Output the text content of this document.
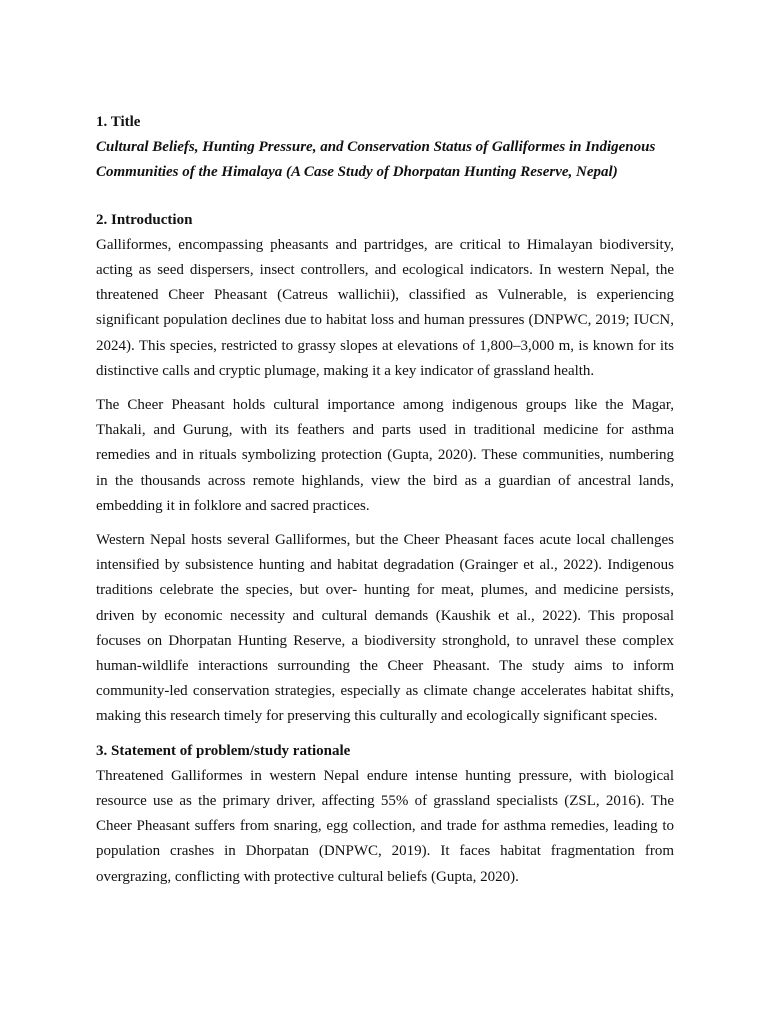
1. Title
Cultural Beliefs, Hunting Pressure, and Conservation Status of Galliformes in Indigenous Communities of the Himalaya (A Case Study of Dhorpatan Hunting Reserve, Nepal)
2. Introduction

Galliformes, encompassing pheasants and partridges, are critical to Himalayan biodiversity, acting as seed dispersers, insect controllers, and ecological indicators. In western Nepal, the threatened Cheer Pheasant (Catreus wallichii), classified as Vulnerable, is experiencing significant population declines due to habitat loss and human pressures (DNPWC, 2019; IUCN, 2024). This species, restricted to grassy slopes at elevations of 1,800–3,000 m, is known for its distinctive calls and cryptic plumage, making it a key indicator of grassland health.

The Cheer Pheasant holds cultural importance among indigenous groups like the Magar, Thakali, and Gurung, with its feathers and parts used in traditional medicine for asthma remedies and in rituals symbolizing protection (Gupta, 2020). These communities, numbering in the thousands across remote highlands, view the bird as a guardian of ancestral lands, embedding it in folklore and sacred practices.

Western Nepal hosts several Galliformes, but the Cheer Pheasant faces acute local challenges intensified by subsistence hunting and habitat degradation (Grainger et al., 2022). Indigenous traditions celebrate the species, but over- hunting for meat, plumes, and medicine persists, driven by economic necessity and cultural demands (Kaushik et al., 2022). This proposal focuses on Dhorpatan Hunting Reserve, a biodiversity stronghold, to unravel these complex human-wildlife interactions surrounding the Cheer Pheasant. The study aims to inform community-led conservation strategies, especially as climate change accelerates habitat shifts, making this research timely for preserving this culturally and ecologically significant species.

3. Statement of problem/study rationale

Threatened Galliformes in western Nepal endure intense hunting pressure, with biological resource use as the primary driver, affecting 55% of grassland specialists (ZSL, 2016). The Cheer Pheasant suffers from snaring, egg collection, and trade for asthma remedies, leading to population crashes in Dhorpatan (DNPWC, 2019). It faces habitat fragmentation from overgrazing, conflicting with protective cultural beliefs (Gupta, 2020).
